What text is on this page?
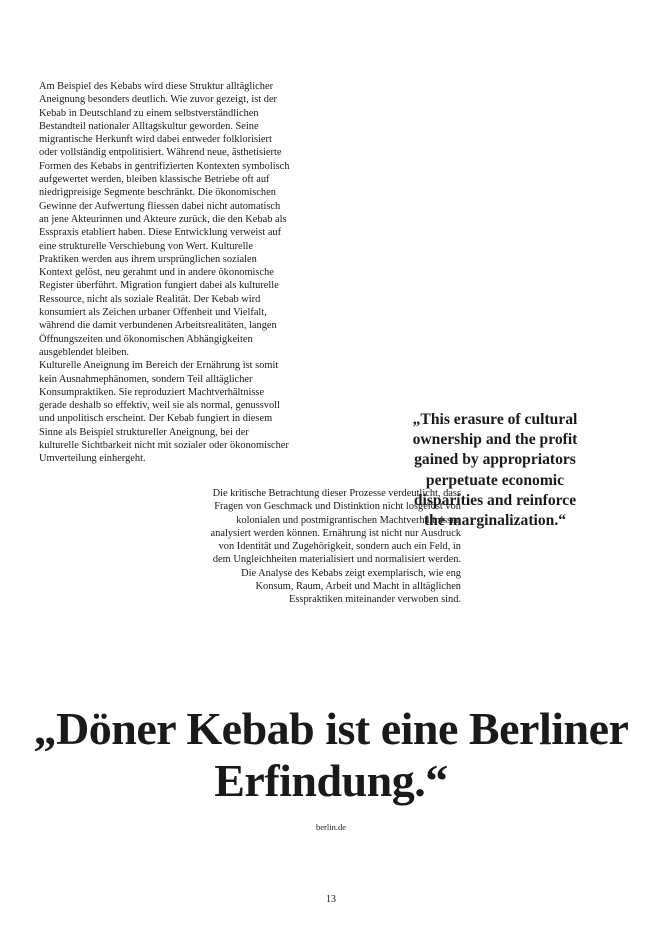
Am Beispiel des Kebabs wird diese Struktur alltäglicher Aneignung besonders deutlich. Wie zuvor gezeigt, ist der Kebab in Deutschland zu einem selbstverständlichen Bestandteil nationaler Alltagskultur geworden. Seine migrantische Herkunft wird dabei entweder folklorisiert oder vollständig entpolitisiert. Während neue, ästhetisierte Formen des Kebabs in gentrifizierten Kontexten symbolisch aufgewertet werden, bleiben klassische Betriebe oft auf niedrigpreisige Segmente beschränkt. Die ökonomischen Gewinne der Aufwertung fliessen dabei nicht automatisch an jene Akteurinnen und Akteure zurück, die den Kebab als Esspraxis etabliert haben. Diese Entwicklung verweist auf eine strukturelle Verschiebung von Wert. Kulturelle Praktiken werden aus ihrem ursprünglichen sozialen Kontext gelöst, neu gerahmt und in andere ökonomische Register überführt. Migration fungiert dabei als kulturelle Ressource, nicht als soziale Realität. Der Kebab wird konsumiert als Zeichen urbaner Offenheit und Vielfalt, während die damit verbundenen Arbeitsrealitäten, langen Öffnungszeiten und ökonomischen Abhängigkeiten ausgeblendet bleiben.

Kulturelle Aneignung im Bereich der Ernährung ist somit kein Ausnahmephänomen, sondern Teil alltäglicher Konsumpraktiken. Sie reproduziert Machtverhältnisse gerade deshalb so effektiv, weil sie als normal, genussvoll und unpolitisch erscheint. Der Kebab fungiert in diesem Sinne als Beispiel struktureller Aneignung, bei der kulturelle Sichtbarkeit nicht mit sozialer oder ökonomischer Umverteilung einhergeht.

„This erasure of cultural ownership and the profit gained by appropriators perpetuate economic disparities and reinforce the marginalization.“

Die kritische Betrachtung dieser Prozesse verdeutlicht, dass Fragen von Geschmack und Distinktion nicht losgelöst von kolonialen und postmigrantischen Machtverhältnissen analysiert werden können. Ernährung ist nicht nur Ausdruck von Identität und Zugehörigkeit, sondern auch ein Feld, in dem Ungleichheiten materialisiert und normalisiert werden. Die Analyse des Kebabs zeigt exemplarisch, wie eng Konsum, Raum, Arbeit und Macht in alltäglichen Esspraktiken miteinander verwoben sind.

„Döner Kebab ist eine Berliner Erfindung.“
berlin.de
13
